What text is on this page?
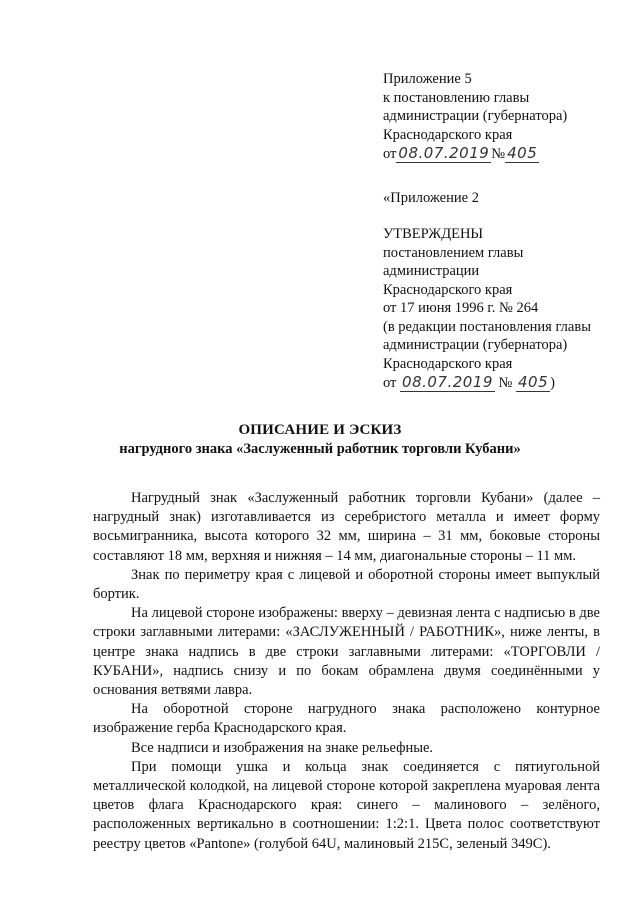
Приложение 5
к постановлению главы
администрации (губернатора)
Краснодарского края
от 08.07.2019 № 405
«Приложение 2
УТВЕРЖДЕНЫ
постановлением главы
администрации
Краснодарского края
от 17 июня 1996 г. № 264
(в редакции постановления главы
администрации (губернатора)
Краснодарского края
от 08.07.2019 № 405 )
ОПИСАНИЕ И ЭСКИЗ
нагрудного знака «Заслуженный работник торговли Кубани»

Нагрудный знак «Заслуженный работник торговли Кубани» (далее – нагрудный знак) изготавливается из серебристого металла и имеет форму восьмигранника, высота которого 32 мм, ширина – 31 мм, боковые стороны составляют 18 мм, верхняя и нижняя – 14 мм, диагональные стороны – 11 мм.

Знак по периметру края с лицевой и оборотной стороны имеет выпуклый бортик.

На лицевой стороне изображены: вверху – девизная лента с надписью в две строки заглавными литерами: «ЗАСЛУЖЕННЫЙ / РАБОТНИК», ниже ленты, в центре знака надпись в две строки заглавными литерами: «ТОРГОВЛИ / КУБАНИ», надпись снизу и по бокам обрамлена двумя соединёнными у основания ветвями лавра.

На оборотной стороне нагрудного знака расположено контурное изображение герба Краснодарского края.

Все надписи и изображения на знаке рельефные.

При помощи ушка и кольца знак соединяется с пятиугольной металлической колодкой, на лицевой стороне которой закреплена муаровая лента цветов флага Краснодарского края: синего – малинового – зелёного, расположенных вертикально в соотношении: 1:2:1. Цвета полос соответствуют реестру цветов «Pantone» (голубой 64U, малиновый 215C, зеленый 349C).
